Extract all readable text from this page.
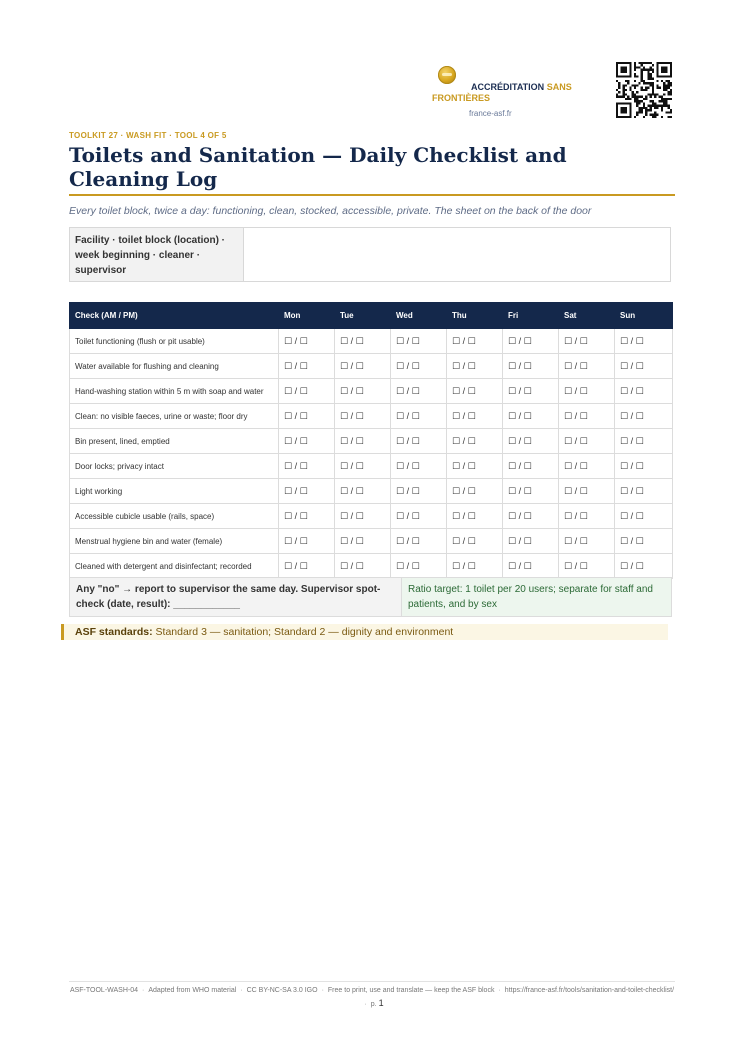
ACCRÉDITATION SANS
FRONTIÈRES
france-asf.fr
TOOLKIT 27 · WASH FIT · TOOL 4 OF 5
Toilets and Sanitation — Daily Checklist and Cleaning Log
Every toilet block, twice a day: functioning, clean, stocked, accessible, private. The sheet on the back of the door
Facility · toilet block (location) · week beginning · cleaner · supervisor
Check (AM / PM)	Mon	Tue	Wed	Thu	Fri	Sat	Sun
Toilet functioning (flush or pit usable)	☐ / ☐	☐ / ☐	☐ / ☐	☐ / ☐	☐ / ☐	☐ / ☐	☐ / ☐
Water available for flushing and cleaning	☐ / ☐	☐ / ☐	☐ / ☐	☐ / ☐	☐ / ☐	☐ / ☐	☐ / ☐
Hand-washing station within 5 m with soap and water	☐ / ☐	☐ / ☐	☐ / ☐	☐ / ☐	☐ / ☐	☐ / ☐	☐ / ☐
Clean: no visible faeces, urine or waste; floor dry	☐ / ☐	☐ / ☐	☐ / ☐	☐ / ☐	☐ / ☐	☐ / ☐	☐ / ☐
Bin present, lined, emptied	☐ / ☐	☐ / ☐	☐ / ☐	☐ / ☐	☐ / ☐	☐ / ☐	☐ / ☐
Door locks; privacy intact	☐ / ☐	☐ / ☐	☐ / ☐	☐ / ☐	☐ / ☐	☐ / ☐	☐ / ☐
Light working	☐ / ☐	☐ / ☐	☐ / ☐	☐ / ☐	☐ / ☐	☐ / ☐	☐ / ☐
Accessible cubicle usable (rails, space)	☐ / ☐	☐ / ☐	☐ / ☐	☐ / ☐	☐ / ☐	☐ / ☐	☐ / ☐
Menstrual hygiene bin and water (female)	☐ / ☐	☐ / ☐	☐ / ☐	☐ / ☐	☐ / ☐	☐ / ☐	☐ / ☐
Cleaned with detergent and disinfectant; recorded	☐ / ☐	☐ / ☐	☐ / ☐	☐ / ☐	☐ / ☐	☐ / ☐	☐ / ☐
Any "no" → report to supervisor the same day. Supervisor spot-check (date, result): ____________
Ratio target: 1 toilet per 20 users; separate for staff and patients, and by sex
ASF standards: Standard 3 — sanitation; Standard 2 — dignity and environment
ASF-TOOL-WASH-04 · Adapted from WHO material · CC BY-NC-SA 3.0 IGO · Free to print, use and translate — keep the ASF block · https://france-asf.fr/tools/sanitation-and-toilet-checklist/· p. 1
